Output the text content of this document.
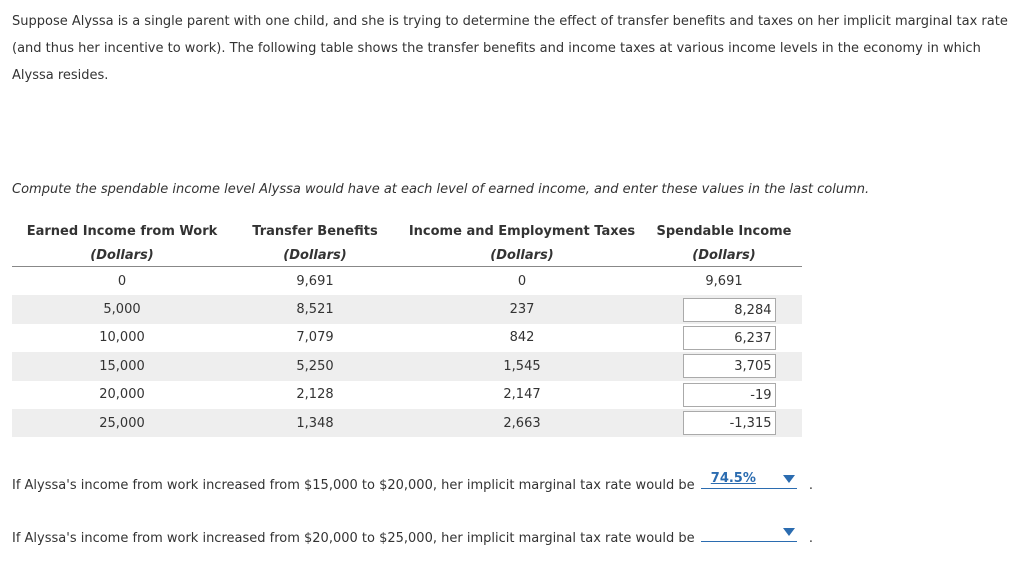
Suppose Alyssa is a single parent with one child, and she is trying to determine the effect of transfer benefits and taxes on her implicit marginal tax rate (and thus her incentive to work). The following table shows the transfer benefits and income taxes at various income levels in the economy in which Alyssa resides.
Compute the spendable income level Alyssa would have at each level of earned income, and enter these values in the last column.
Earned Income from Work	Transfer Benefits	Income and Employment Taxes	Spendable Income
(Dollars)	(Dollars)	(Dollars)	(Dollars)
0	9,691	0	9,691
5,000	8,521	237	8,284
10,000	7,079	842	6,237
15,000	5,250	1,545	3,705
20,000	2,128	2,147	-19
25,000	1,348	2,663	-1,315
If Alyssa's income from work increased from $15,000 to $20,000, her implicit marginal tax rate would be 74.5%	.
If Alyssa's income from work increased from $20,000 to $25,000, her implicit marginal tax rate would be	.
